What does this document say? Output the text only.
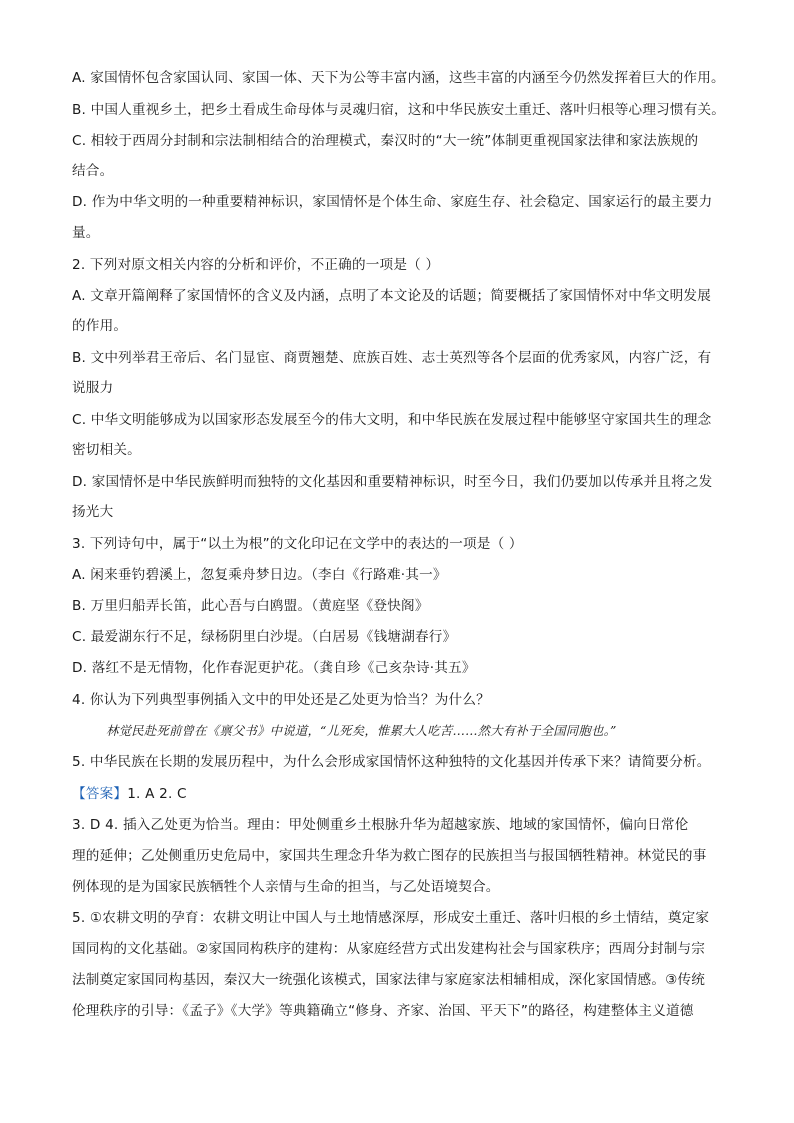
A. 家国情怀包含家国认同、家国一体、天下为公等丰富内涵，这些丰富的内涵至今仍然发挥着巨大的作用。
B. 中国人重视乡土，把乡土看成生命母体与灵魂归宿，这和中华民族安土重迁、落叶归根等心理习惯有关。
C. 相较于西周分封制和宗法制相结合的治理模式，秦汉时的“大一统”体制更重视国家法律和家法族规的
结合。
D. 作为中华文明的一种重要精神标识，家国情怀是个体生命、家庭生存、社会稳定、国家运行的最主要力
量。
2. 下列对原文相关内容的分析和评价，不正确的一项是（ ）
A. 文章开篇阐释了家国情怀的含义及内涵，点明了本文论及的话题；简要概括了家国情怀对中华文明发展
的作用。
B. 文中列举君王帝后、名门显宦、商贾翘楚、庶族百姓、志士英烈等各个层面的优秀家风，内容广泛，有
说服力
C. 中华文明能够成为以国家形态发展至今的伟大文明，和中华民族在发展过程中能够坚守家国共生的理念
密切相关。
D. 家国情怀是中华民族鲜明而独特的文化基因和重要精神标识，时至今日，我们仍要加以传承并且将之发
扬光大
3. 下列诗句中，属于“以土为根”的文化印记在文学中的表达的一项是（ ）
A. 闲来垂钓碧溪上，忽复乘舟梦日边。（李白《行路难·其一》
B. 万里归船弄长笛，此心吾与白鸥盟。（黄庭坚《登快阁》
C. 最爱湖东行不足，绿杨阴里白沙堤。（白居易《钱塘湖春行》
D. 落红不是无情物，化作春泥更护花。（龚自珍《己亥杂诗·其五》
4. 你认为下列典型事例插入文中的甲处还是乙处更为恰当？为什么？
林觉民赴死前曾在《禀父书》中说道，“儿死矣，惟累大人吃苦……然大有补于全国同胞也。”
5. 中华民族在长期的发展历程中，为什么会形成家国情怀这种独特的文化基因并传承下来？请简要分析。
【答案】1. A 2. C
3. D 4. 插入乙处更为恰当。理由：甲处侧重乡土根脉升华为超越家族、地域的家国情怀，偏向日常伦
理的延伸；乙处侧重历史危局中，家国共生理念升华为救亡图存的民族担当与报国牺牲精神。林觉民的事
例体现的是为国家民族牺牲个人亲情与生命的担当，与乙处语境契合。
5. ①农耕文明的孕育：农耕文明让中国人与土地情感深厚，形成安土重迁、落叶归根的乡土情结，奠定家
国同构的文化基础。②家国同构秩序的建构：从家庭经营方式出发建构社会与国家秩序；西周分封制与宗
法制奠定家国同构基因，秦汉大一统强化该模式，国家法律与家庭家法相辅相成，深化家国情感。③传统
伦理秩序的引导：《孟子》《大学》等典籍确立“修身、齐家、治国、平天下”的路径，构建整体主义道德
